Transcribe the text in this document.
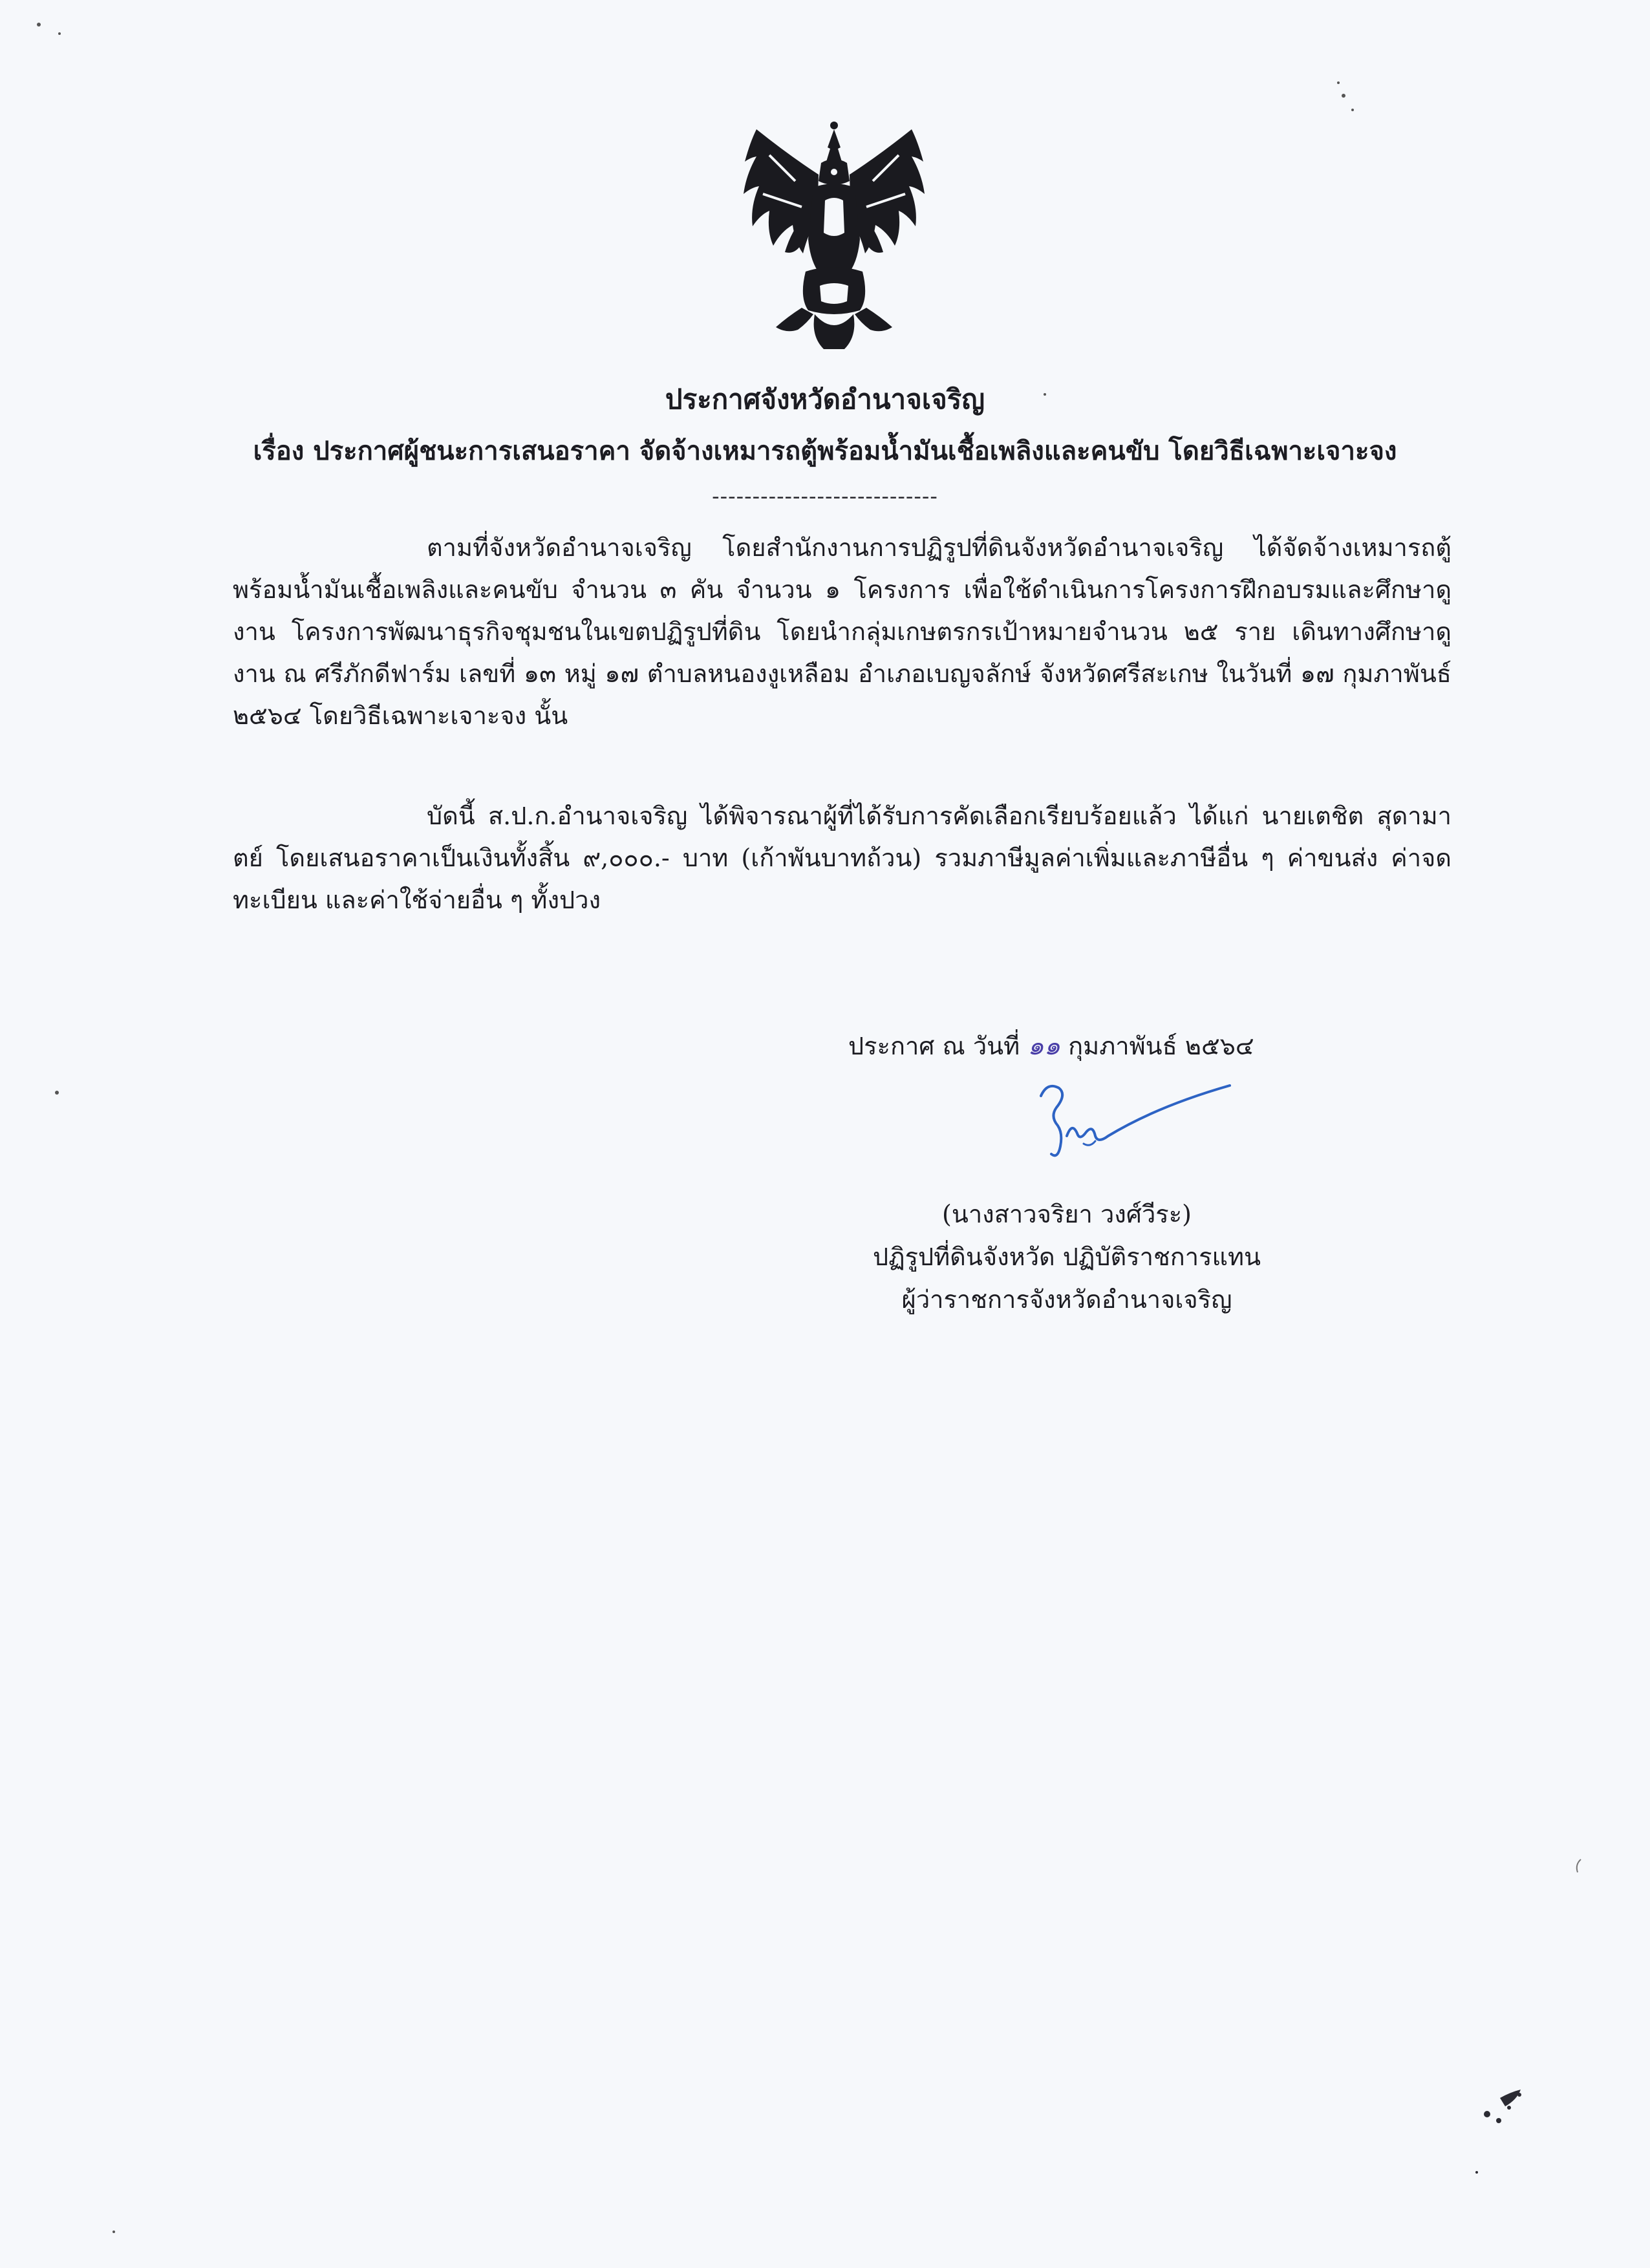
ประกาศจังหวัดอำนาจเจริญ
เรื่อง ประกาศผู้ชนะการเสนอราคา จัดจ้างเหมารถตู้พร้อมน้ำมันเชื้อเพลิงและคนขับ โดยวิธีเฉพาะเจาะจง
----------------------------

ตามที่จังหวัดอำนาจเจริญ โดยสำนักงานการปฏิรูปที่ดินจังหวัดอำนาจเจริญ ได้จัดจ้างเหมารถตู้พร้อมน้ำมันเชื้อเพลิงและคนขับ จำนวน ๓ คัน จำนวน ๑ โครงการ เพื่อใช้ดำเนินการโครงการฝึกอบรมและศึกษาดูงาน โครงการพัฒนาธุรกิจชุมชนในเขตปฏิรูปที่ดิน โดยนำกลุ่มเกษตรกรเป้าหมายจำนวน ๒๕ ราย เดินทางศึกษาดูงาน ณ ศรีภักดีฟาร์ม เลขที่ ๑๓ หมู่ ๑๗ ตำบลหนองงูเหลือม อำเภอเบญจลักษ์ จังหวัดศรีสะเกษ ในวันที่ ๑๗ กุมภาพันธ์ ๒๕๖๔ โดยวิธีเฉพาะเจาะจง นั้น

บัดนี้ ส.ป.ก.อำนาจเจริญ ได้พิจารณาผู้ที่ได้รับการคัดเลือกเรียบร้อยแล้ว ได้แก่ นายเตชิต สุดามาตย์ โดยเสนอราคาเป็นเงินทั้งสิ้น ๙,๐๐๐.- บาท (เก้าพันบาทถ้วน) รวมภาษีมูลค่าเพิ่มและภาษีอื่น ๆ ค่าขนส่ง ค่าจดทะเบียน และค่าใช้จ่ายอื่น ๆ ทั้งปวง

ประกาศ ณ วันที่ ๑๑ กุมภาพันธ์ ๒๕๖๔
(นางสาวจริยา วงศ์วีระ)
ปฏิรูปที่ดินจังหวัด ปฏิบัติราชการแทน
ผู้ว่าราชการจังหวัดอำนาจเจริญ
